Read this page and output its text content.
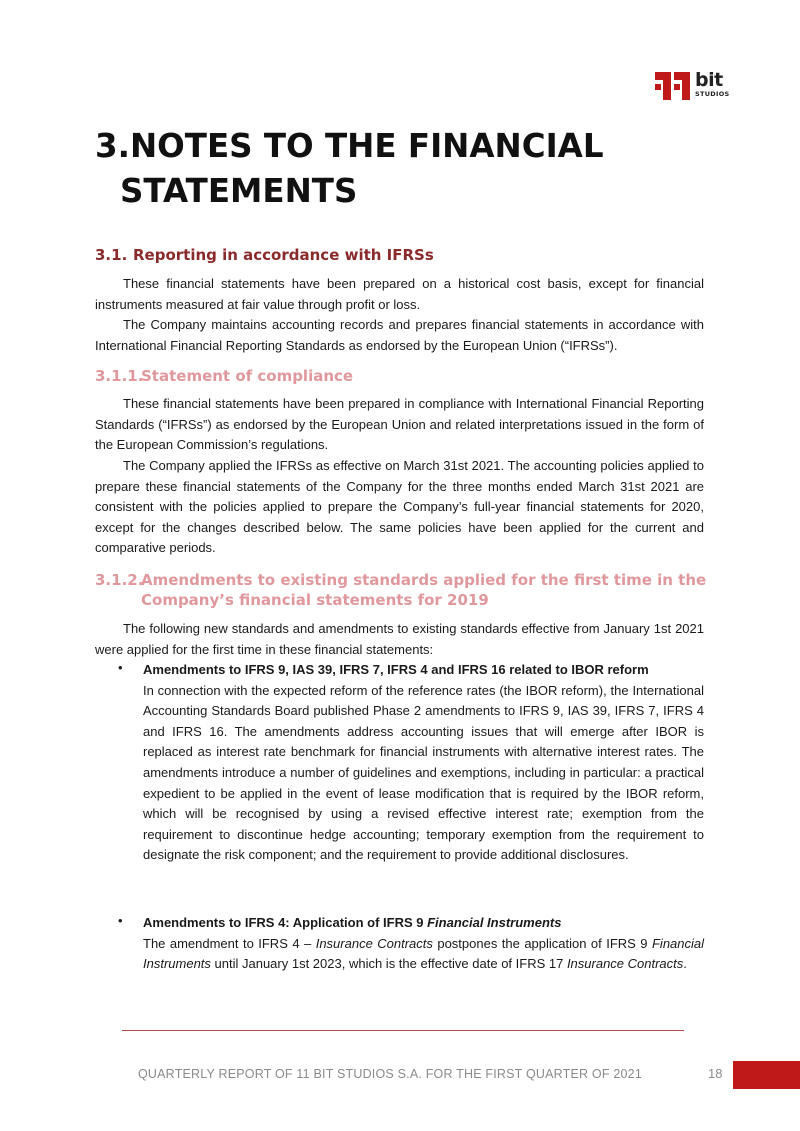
bit
STUDIOS
3.NOTES TO THE FINANCIAL
STATEMENTS
3.1. Reporting in accordance with IFRSs

These financial statements have been prepared on a historical cost basis, except for financial instruments measured at fair value through profit or loss.

The Company maintains accounting records and prepares financial statements in accordance with International Financial Reporting Standards as endorsed by the European Union (“IFRSs”).

3.1.1.Statement of compliance

These financial statements have been prepared in compliance with International Financial Reporting Standards (“IFRSs”) as endorsed by the European Union and related interpretations issued in the form of the European Commission’s regulations.

The Company applied the IFRSs as effective on March 31st 2021. The accounting policies applied to prepare these financial statements of the Company for the three months ended March 31st 2021 are consistent with the policies applied to prepare the Company’s full-year financial statements for 2020, except for the changes described below. The same policies have been applied for the current and comparative periods.

3.1.2.Amendments to existing standards applied for the first time in the
Company’s financial statements for 2019

The following new standards and amendments to existing standards effective from January 1st 2021 were applied for the first time in these financial statements:

• Amendments to IFRS 9, IAS 39, IFRS 7, IFRS 4 and IFRS 16 related to IBOR reform

In connection with the expected reform of the reference rates (the IBOR reform), the International Accounting Standards Board published Phase 2 amendments to IFRS 9, IAS 39, IFRS 7, IFRS 4 and IFRS 16. The amendments address accounting issues that will emerge after IBOR is replaced as interest rate benchmark for financial instruments with alternative interest rates. The amendments introduce a number of guidelines and exemptions, including in particular: a practical expedient to be applied in the event of lease modification that is required by the IBOR reform, which will be recognised by using a revised effective interest rate; exemption from the requirement to discontinue hedge accounting; temporary exemption from the requirement to designate the risk component; and the requirement to provide additional disclosures.

• Amendments to IFRS 4: Application of IFRS 9 Financial Instruments

The amendment to IFRS 4 – Insurance Contracts postpones the application of IFRS 9 Financial Instruments until January 1st 2023, which is the effective date of IFRS 17 Insurance Contracts.

QUARTERLY REPORT OF 11 BIT STUDIOS S.A. FOR THE FIRST QUARTER OF 2021	18
